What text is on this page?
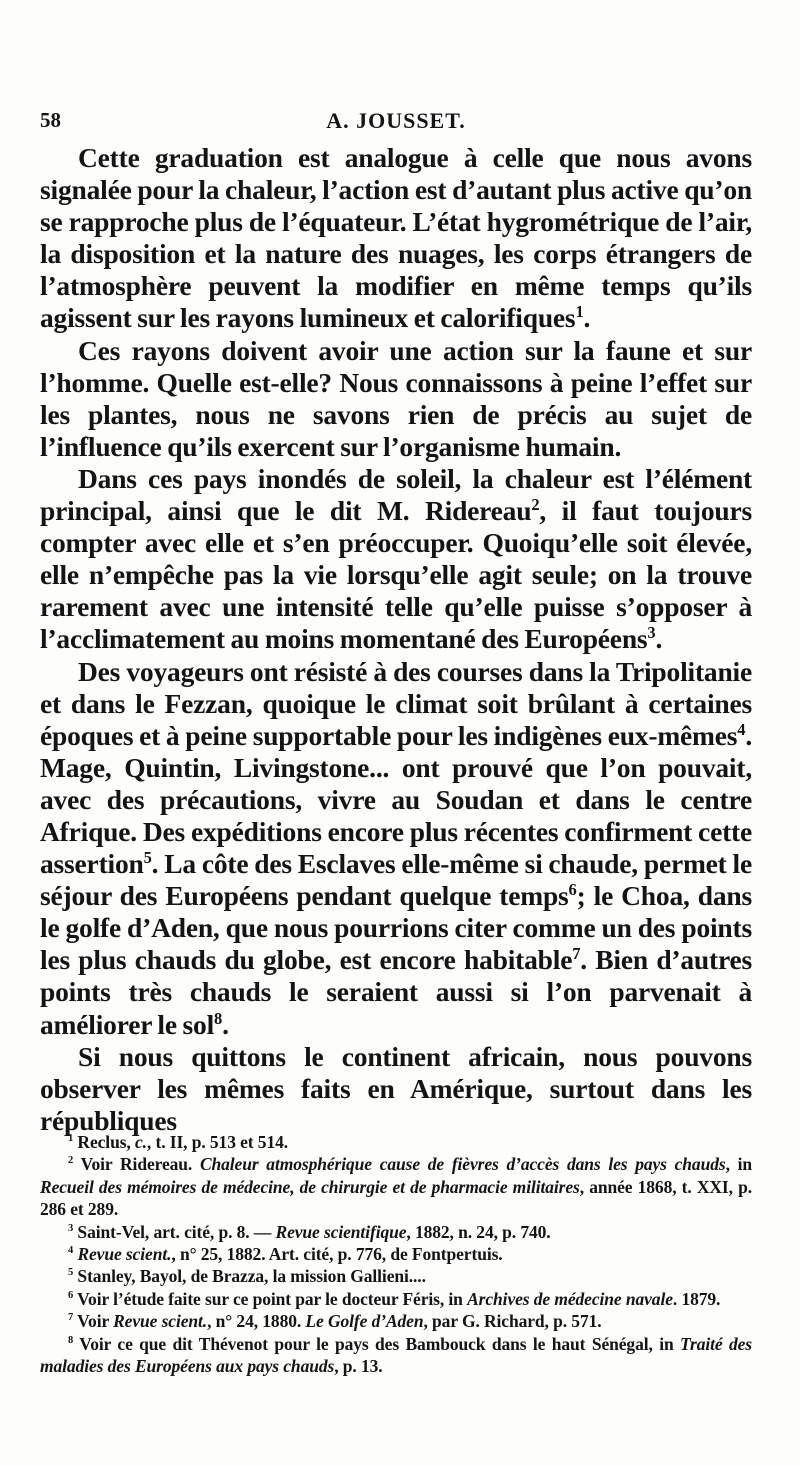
58	A. JOUSSET.

Cette graduation est analogue à celle que nous avons signalée pour la chaleur, l’action est d’autant plus active qu’on se rapproche plus de l’équateur. L’état hygrométrique de l’air, la disposition et la nature des nuages, les corps étrangers de l’atmosphère peuvent la modifier en même temps qu’ils agissent sur les rayons lumineux et calorifiques$^1$.

Ces rayons doivent avoir une action sur la faune et sur l’homme. Quelle est-elle? Nous connaissons à peine l’effet sur les plantes, nous ne savons rien de précis au sujet de l’influence qu’ils exercent sur l’organisme humain.

Dans ces pays inondés de soleil, la chaleur est l’élément principal, ainsi que le dit M. Ridereau$^2$, il faut toujours compter avec elle et s’en préoccuper. Quoiqu’elle soit élevée, elle n’empêche pas la vie lorsqu’elle agit seule; on la trouve rarement avec une intensité telle qu’elle puisse s’opposer à l’acclimatement au moins momentané des Européens$^3$.

Des voyageurs ont résisté à des courses dans la Tripolitanie et dans le Fezzan, quoique le climat soit brûlant à certaines époques et à peine supportable pour les indigènes eux-mêmes$^4$. Mage, Quintin, Livingstone... ont prouvé que l’on pouvait, avec des précautions, vivre au Soudan et dans le centre Afrique. Des expéditions encore plus récentes confirment cette assertion$^5$. La côte des Esclaves elle-même si chaude, permet le séjour des Européens pendant quelque temps$^6$; le Choa, dans le golfe d’Aden, que nous pourrions citer comme un des points les plus chauds du globe, est encore habitable$^7$. Bien d’autres points très chauds le seraient aussi si l’on parvenait à améliorer le sol$^8$.

Si nous quittons le continent africain, nous pouvons observer les mêmes faits en Amérique, surtout dans les républiques

$^1$ Reclus, c., t. II, p. 513 et 514.

$^2$ Voir Ridereau. Chaleur atmosphérique cause de fièvres d’accès dans les pays chauds, in Recueil des mémoires de médecine, de chirurgie et de pharmacie militaires, année 1868, t. XXI, p. 286 et 289.

$^3$ Saint-Vel, art. cité, p. 8. — Revue scientifique, 1882, n. 24, p. 740.

$^4$ Revue scient., n° 25, 1882. Art. cité, p. 776, de Fontpertuis.

$^5$ Stanley, Bayol, de Brazza, la mission Gallieni....

$^6$ Voir l’étude faite sur ce point par le docteur Féris, in Archives de médecine navale. 1879.

$^7$ Voir Revue scient., n° 24, 1880. Le Golfe d’Aden, par G. Richard, p. 571.

$^8$ Voir ce que dit Thévenot pour le pays des Bambouck dans le haut Sénégal, in Traité des maladies des Européens aux pays chauds, p. 13.
